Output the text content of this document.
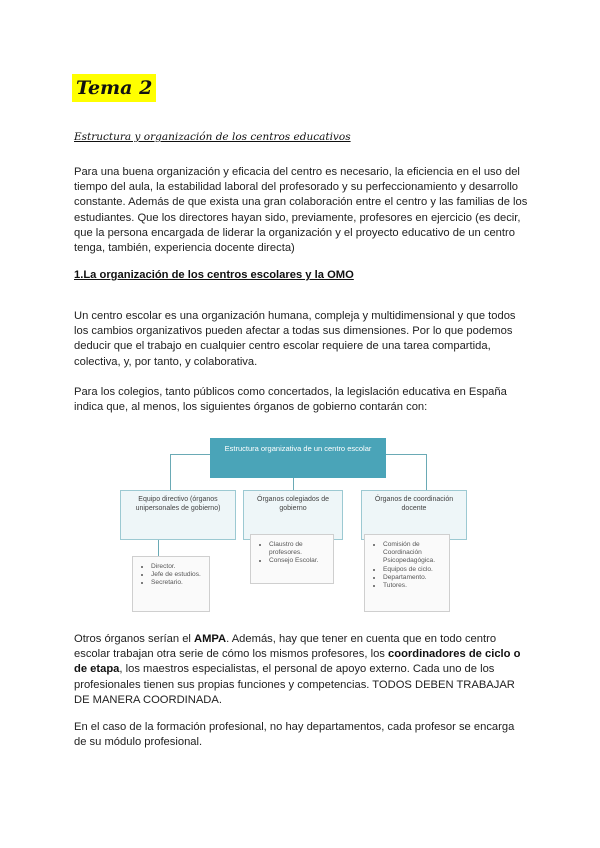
Tema 2
Estructura y organización de los centros educativos
Para una buena organización y eficacia del centro es necesario, la eficiencia en el uso del tiempo del aula, la estabilidad laboral del profesorado y su perfeccionamiento y desarrollo constante. Además de que exista una gran colaboración entre el centro y las familias de los estudiantes. Que los directores hayan sido, previamente, profesores en ejercicio (es decir, que la persona encargada de liderar la organización y el proyecto educativo de un centro tenga, también, experiencia docente directa)
1.La organización de los centros escolares y la OMO
Un centro escolar es una organización humana, compleja y multidimensional y que todos los cambios organizativos pueden afectar a todas sus dimensiones. Por lo que podemos deducir que el trabajo en cualquier centro escolar requiere de una tarea compartida, colectiva, y, por tanto, y colaborativa.
Para los colegios, tanto públicos como concertados, la legislación educativa en España indica que, al menos, los siguientes órganos de gobierno contarán con:
Estructura organizativa de un centro escolar
Equipo directivo (órganos unipersonales de gobierno)
Órganos colegiados de gobierno
Órganos de coordinación docente
• Director.
• Jefe de estudios.
• Secretario.
• Claustro de profesores.
• Consejo Escolar.
• Comisión de Coordinación Psicopedagógica.
• Equipos de ciclo.
• Departamento.
• Tutores.
Otros órganos serían el AMPA. Además, hay que tener en cuenta que en todo centro escolar trabajan otra serie de cómo los mismos profesores, los coordinadores de ciclo o de etapa, los maestros especialistas, el personal de apoyo externo. Cada uno de los profesionales tienen sus propias funciones y competencias. TODOS DEBEN TRABAJAR DE MANERA COORDINADA.
En el caso de la formación profesional, no hay departamentos, cada profesor se encarga de su módulo profesional.
